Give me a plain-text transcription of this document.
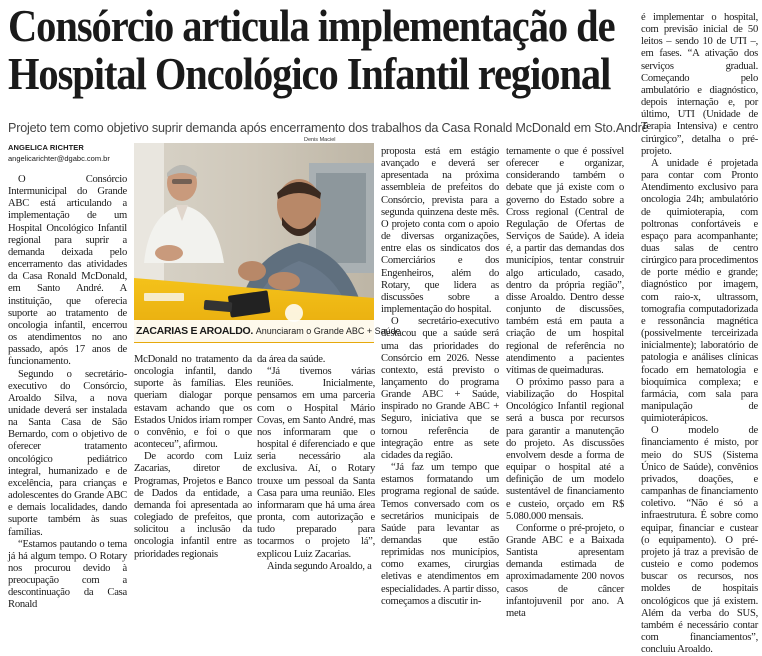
Consórcio articula implementação de
Hospital Oncológico Infantil regional
Projeto tem como objetivo suprir demanda após encerramento dos trabalhos da Casa Ronald McDonald em Sto.André
ANGELICA RICHTER
angelicarichter@dgabc.com.br

O Consórcio Intermunicipal do Grande ABC está articulando a implementação de um Hospital Oncológico Infantil regional para suprir a demanda deixada pelo encerramento das atividades da Casa Ronald McDonald, em Santo André. A instituição, que oferecia suporte ao tratamento de oncologia infantil, encerrou os atendimentos no ano passado, após 17 anos de funcionamento.

Segundo o secretário-executivo do Consórcio, Aroaldo Silva, a nova unidade deverá ser instalada na Santa Casa de São Bernardo, com o objetivo de oferecer tratamento oncológico pediátrico integral, humanizado e de excelência, para crianças e adolescentes do Grande ABC e demais localidades, dando suporte também às suas famílias.

“Estamos pautando o tema já há algum tempo. O Rotary nos procurou devido à preocupação com a descontinuação da Casa Ronald

Denis Maciel
ZACARIAS E AROALDO. Anunciaram o Grande ABC + Saúde

McDonald no tratamento da oncologia infantil, dando suporte às famílias. Eles queriam dialogar porque estavam achando que os Estados Unidos iriam romper o convênio, e foi o que aconteceu”, afirmou.

De acordo com Luiz Zacarias, diretor de Programas, Projetos e Banco de Dados da entidade, a demanda foi apresentada ao colegiado de prefeitos, que solicitou a inclusão da oncologia infantil entre as prioridades regionais

da área da saúde.

“Já tivemos várias reuniões. Inicialmente, pensamos em uma parceria com o Hospital Mário Covas, em Santo André, mas nos informaram que o hospital é diferenciado e que seria necessário ala exclusiva. Aí, o Rotary trouxe um pessoal da Santa Casa para uma reunião. Eles informaram que há uma área pronta, com autorização e tudo preparado para tocarmos o projeto lá”, explicou Luiz Zacarias.

Ainda segundo Aroaldo, a

proposta está em estágio avançado e deverá ser apresentada na próxima assembleia de prefeitos do Consórcio, prevista para a segunda quinzena deste mês. O projeto conta com o apoio de diversas organizações, entre elas os sindicatos dos Comerciários e dos Engenheiros, além do Rotary, que lidera as discussões sobre a implementação do hospital.

O secretário-executivo destacou que a saúde será uma das prioridades do Consórcio em 2026. Nesse contexto, está previsto o lançamento do programa Grande ABC + Saúde, inspirado no Grande ABC + Seguro, iniciativa que se tornou referência de integração entre as sete cidades da região.

“Já faz um tempo que estamos formatando um programa regional de saúde. Temos conversado com os secretários municipais de Saúde para levantar as demandas que estão reprimidas nos municípios, como exames, cirurgias eletivas e atendimentos em especialidades. A partir disso, começamos a discutir in-

ternamente o que é possível oferecer e organizar, considerando também o debate que já existe com o governo do Estado sobre a Cross regional (Central de Regulação de Ofertas de Serviços de Saúde). A ideia é, a partir das demandas dos municípios, tentar construir algo articulado, casado, dentro da própria região”, disse Aroaldo. Dentro desse conjunto de discussões, também está em pauta a criação de um hospital regional de referência no atendimento a pacientes vítimas de queimaduras.

O próximo passo para a viabilização do Hospital Oncológico Infantil regional será a busca por recursos para garantir a manutenção do projeto. As discussões envolvem desde a forma de equipar o hospital até a definição de um modelo sustentável de financiamento e custeio, orçado em R$ 5.080.000 mensais.

Conforme o pré-projeto, o Grande ABC e a Baixada Santista apresentam demanda estimada de aproximadamente 200 novos casos de câncer infantojuvenil por ano. A meta

é implementar o hospital, com previsão inicial de 50 leitos – sendo 10 de UTI –, em fases. “A ativação dos serviços gradual. Começando pelo ambulatório e diagnóstico, depois internação e, por último, UTI (Unidade de Terapia Intensiva) e centro cirúrgico”, detalha o pré-projeto.

A unidade é projetada para contar com Pronto Atendimento exclusivo para oncologia 24h; ambulatório de quimioterapia, com poltronas confortáveis e espaço para acompanhante; duas salas de centro cirúrgico para procedimentos de porte médio e grande; diagnóstico por imagem, com raio-x, ultrassom, tomografia computadorizada e ressonância magnética (possivelmente terceirizada inicialmente); laboratório de patologia e análises clínicas focado em hematologia e bioquímica complexa; e farmácia, com sala para manipulação de quimioterápicos.

O modelo de financiamento é misto, por meio do SUS (Sistema Único de Saúde), convênios privados, doações, e campanhas de financiamento coletivo. “Não é só a infraestrutura. É sobre como equipar, financiar e custear (o equipamento). O pré-projeto já traz a previsão de custeio e como podemos buscar os recursos, nos moldes de hospitais oncológicos que já existem. Além da verba do SUS, também é necessário contar com financiamentos”, concluiu Aroaldo.
